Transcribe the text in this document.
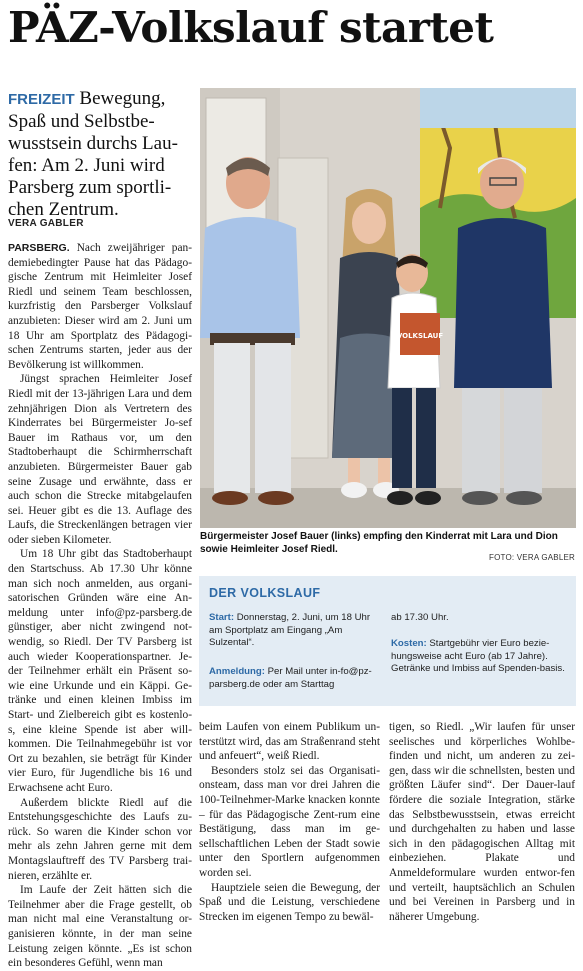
PÄZ-Volkslauf startet

FREIZEIT Bewegung, Spaß und Selbstbe-wusstsein durchs Lau-fen: Am 2. Juni wird Parsberg zum sportli-chen Zentrum.

VERA GABLER

PARSBERG. Nach zweijähriger pan-demiebedingter Pause hat das Pädago-gische Zentrum mit Heimleiter Josef Riedl und seinem Team beschlossen, kurzfristig den Parsberger Volkslauf anzubieten: Dieser wird am 2. Juni um 18 Uhr am Sportplatz des Pädagogi-schen Zentrums starten, jeder aus der Bevölkerung ist willkommen.

Jüngst sprachen Heimleiter Josef Riedl mit der 13-jährigen Lara und dem zehnjährigen Dion als Vertretern des Kinderrates bei Bürgermeister Jo-sef Bauer im Rathaus vor, um den Stadtoberhaupt die Schirmherrschaft anzubieten. Bürgermeister Bauer gab seine Zusage und erwähnte, dass er auch schon die Strecke mitabgelaufen sei. Heuer gibt es die 13. Auflage des Laufs, die Streckenlängen betragen vier oder sieben Kilometer.

Um 18 Uhr gibt das Stadtoberhaupt den Startschuss. Ab 17.30 Uhr könne man sich noch anmelden, aus organi-satorischen Gründen wäre eine An-meldung unter info@pz-parsberg.de günstiger, aber nicht zwingend not-wendig, so Riedl. Der TV Parsberg ist auch wieder Kooperationspartner. Je-der Teilnehmer erhält ein Präsent so-wie eine Urkunde und ein Käppi. Ge-tränke und einen kleinen Imbiss im Start- und Zielbereich gibt es kostenlo-s, eine kleine Spende ist aber will-kommen. Die Teilnahmegebühr ist vor Ort zu bezahlen, sie beträgt für Kinder vier Euro, für Jugendliche bis 16 und Erwachsene acht Euro.

Außerdem blickte Riedl auf die Entstehungsgeschichte des Laufs zu-rück. So waren die Kinder schon vor mehr als zehn Jahren gerne mit dem Montagslauftreff des TV Parsberg trai-nieren, erzählte er.

Im Laufe der Zeit hätten sich die Teilnehmer aber die Frage gestellt, ob man nicht mal eine Veranstaltung or-ganisieren könnte, in der man seine Leistung zeigen könnte. „Es ist schon ein besonderes Gefühl, wenn man

VOLKSLAUF
Bürgermeister Josef Bauer (links) empfing den Kinderrat mit Lara und Dion sowie Heimleiter Josef Riedl.
FOTO: VERA GABLER
DER VOLKSLAUF
Start: Donnerstag, 2. Juni, um 18 Uhr am Sportplatz am Eingang „Am Sulzental“.
Anmeldung: Per Mail unter in-fo@pz-parsberg.de oder am Starttag
ab 17.30 Uhr.
Kosten: Startgebühr vier Euro bezie-hungsweise acht Euro (ab 17 Jahre). Getränke und Imbiss auf Spenden-basis.

beim Laufen von einem Publikum un-terstützt wird, das am Straßenrand steht und anfeuert“, weiß Riedl.

Besonders stolz sei das Organisati-onsteam, dass man vor drei Jahren die 100-Teilnehmer-Marke knacken konnte – für das Pädagogische Zent-rum eine Bestätigung, dass man im ge-sellschaftlichen Leben der Stadt sowie unter den Sportlern aufgenommen worden sei.

Hauptziele seien die Bewegung, der Spaß und die Leistung, verschiedene Strecken im eigenen Tempo zu bewäl-

tigen, so Riedl. „Wir laufen für unser seelisches und körperliches Wohlbe-finden und nicht, um anderen zu zei-gen, dass wir die schnellsten, besten und größten Läufer sind“. Der Dauer-lauf fördere die soziale Integration, stärke das Selbstbewusstsein, etwas erreicht und durchgehalten zu haben und lasse sich in den pädagogischen Alltag mit einbeziehen. Plakate und Anmeldeformulare wurden entwor-fen und verteilt, hauptsächlich an Schulen und bei Vereinen in Parsberg und in näherer Umgebung.
